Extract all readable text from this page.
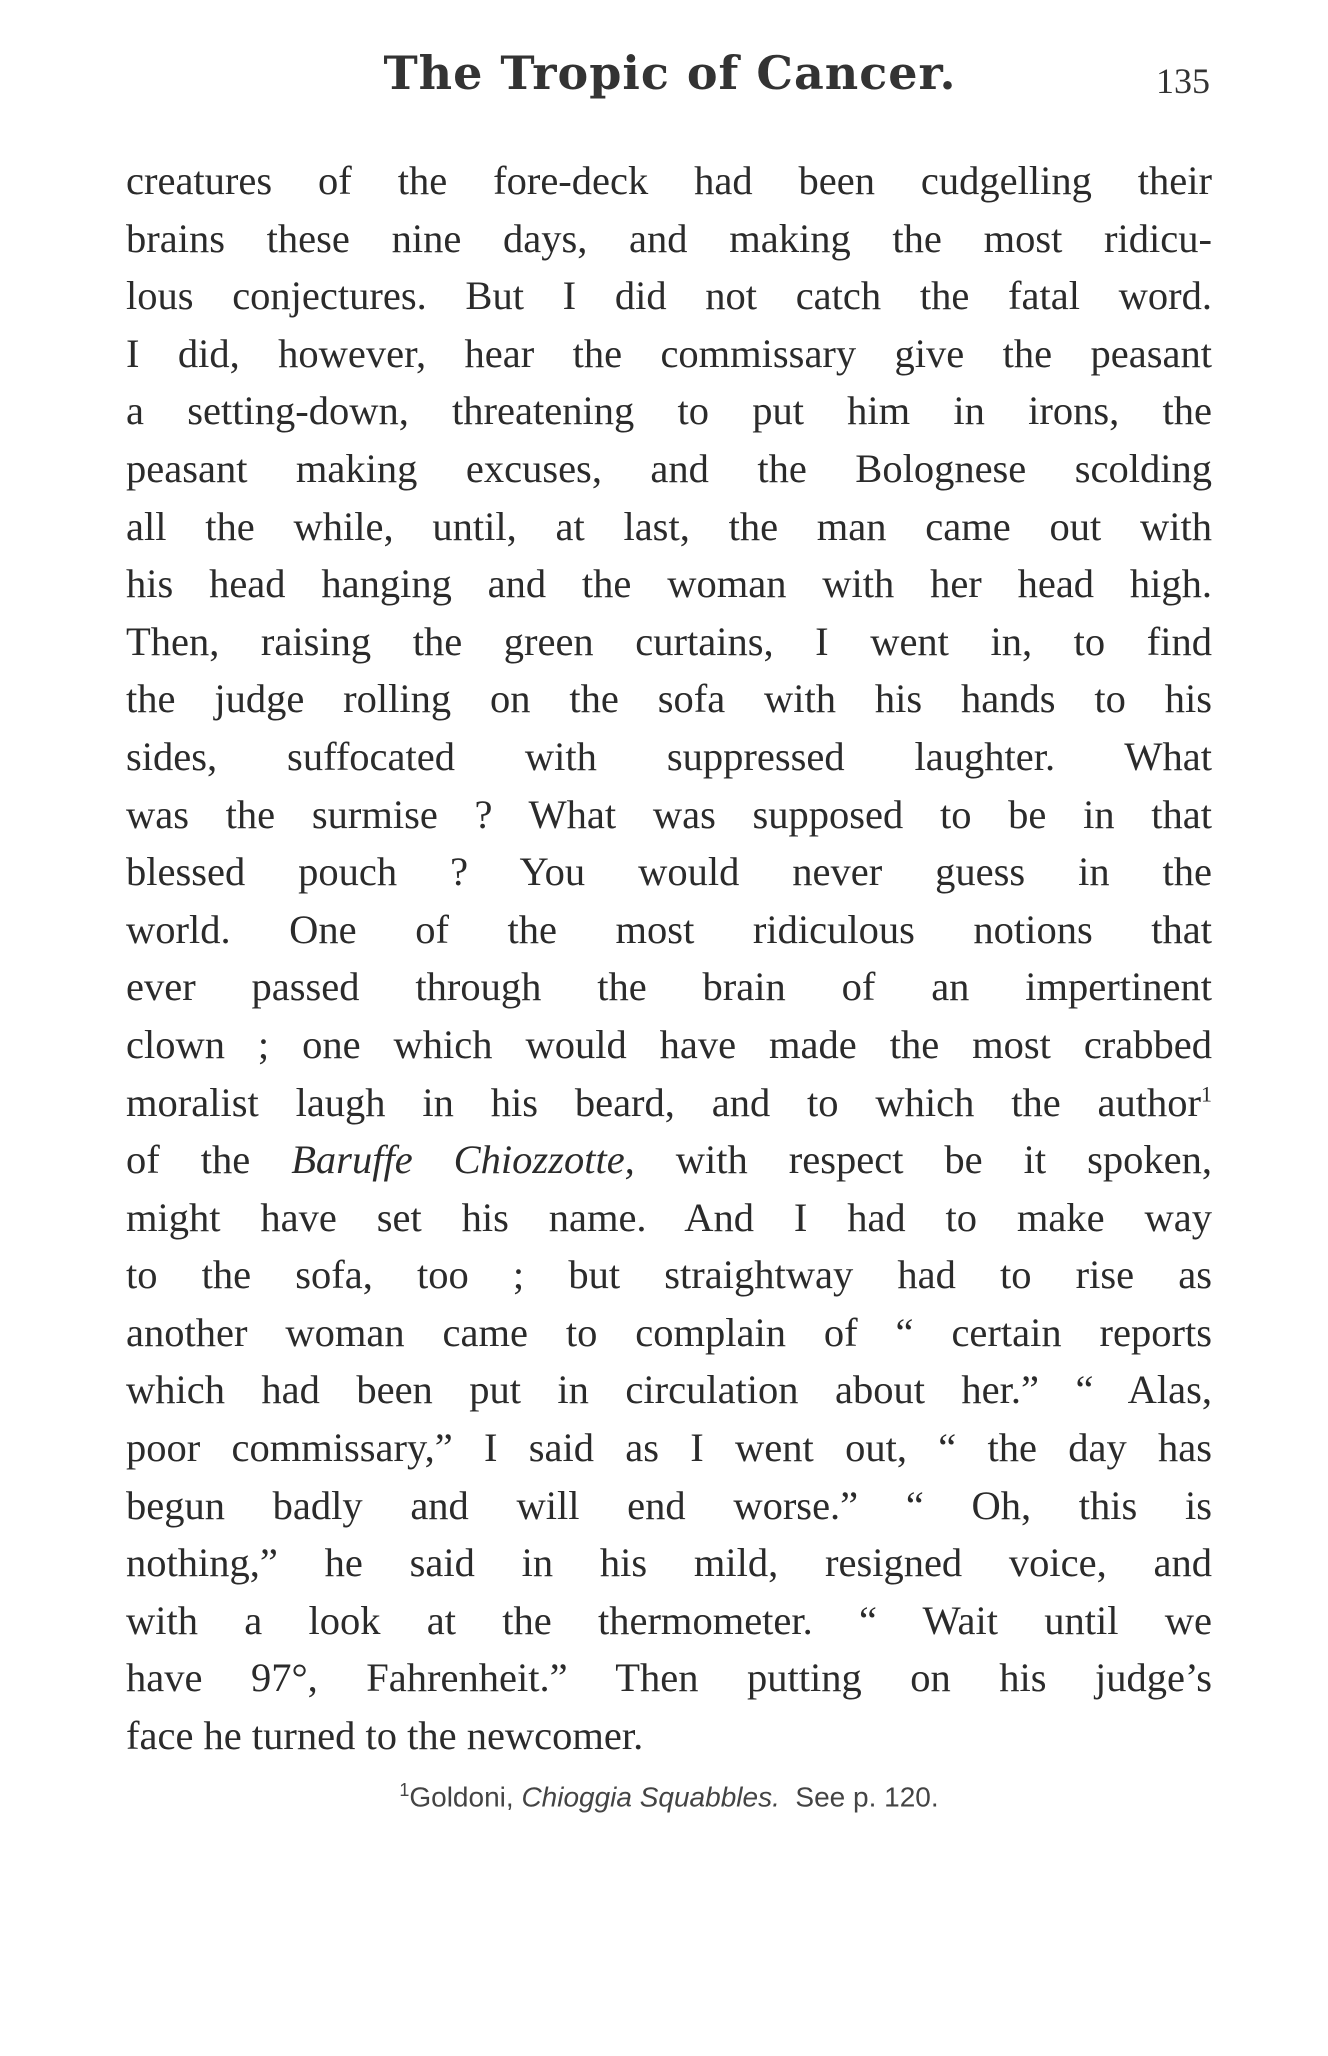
The Tropic of Cancer.	135
creatures of the fore-deck had been cudgelling their
brains these nine days, and making the most ridicu-
lous conjectures. But I did not catch the fatal word.
I did, however, hear the commissary give the peasant
a setting-down, threatening to put him in irons, the
peasant making excuses, and the Bolognese scolding
all the while, until, at last, the man came out with
his head hanging and the woman with her head high.
Then, raising the green curtains, I went in, to find
the judge rolling on the sofa with his hands to his
sides, suffocated with suppressed laughter. What
was the surmise ? What was supposed to be in that
blessed pouch ? You would never guess in the
world. One of the most ridiculous notions that
ever passed through the brain of an impertinent
clown ; one which would have made the most crabbed
moralist laugh in his beard, and to which the author$^1$
of the Baruffe Chiozzotte, with respect be it spoken,
might have set his name. And I had to make way
to the sofa, too ; but straightway had to rise as
another woman came to complain of “ certain reports
which had been put in circulation about her.” “ Alas,
poor commissary,” I said as I went out, “ the day has
begun badly and will end worse.” “ Oh, this is
nothing,” he said in his mild, resigned voice, and
with a look at the thermometer. “ Wait until we
have 97°, Fahrenheit.” Then putting on his judge’s
face he turned to the newcomer.
$^1$Goldoni, Chioggia Squabbles.  See p. 120.
